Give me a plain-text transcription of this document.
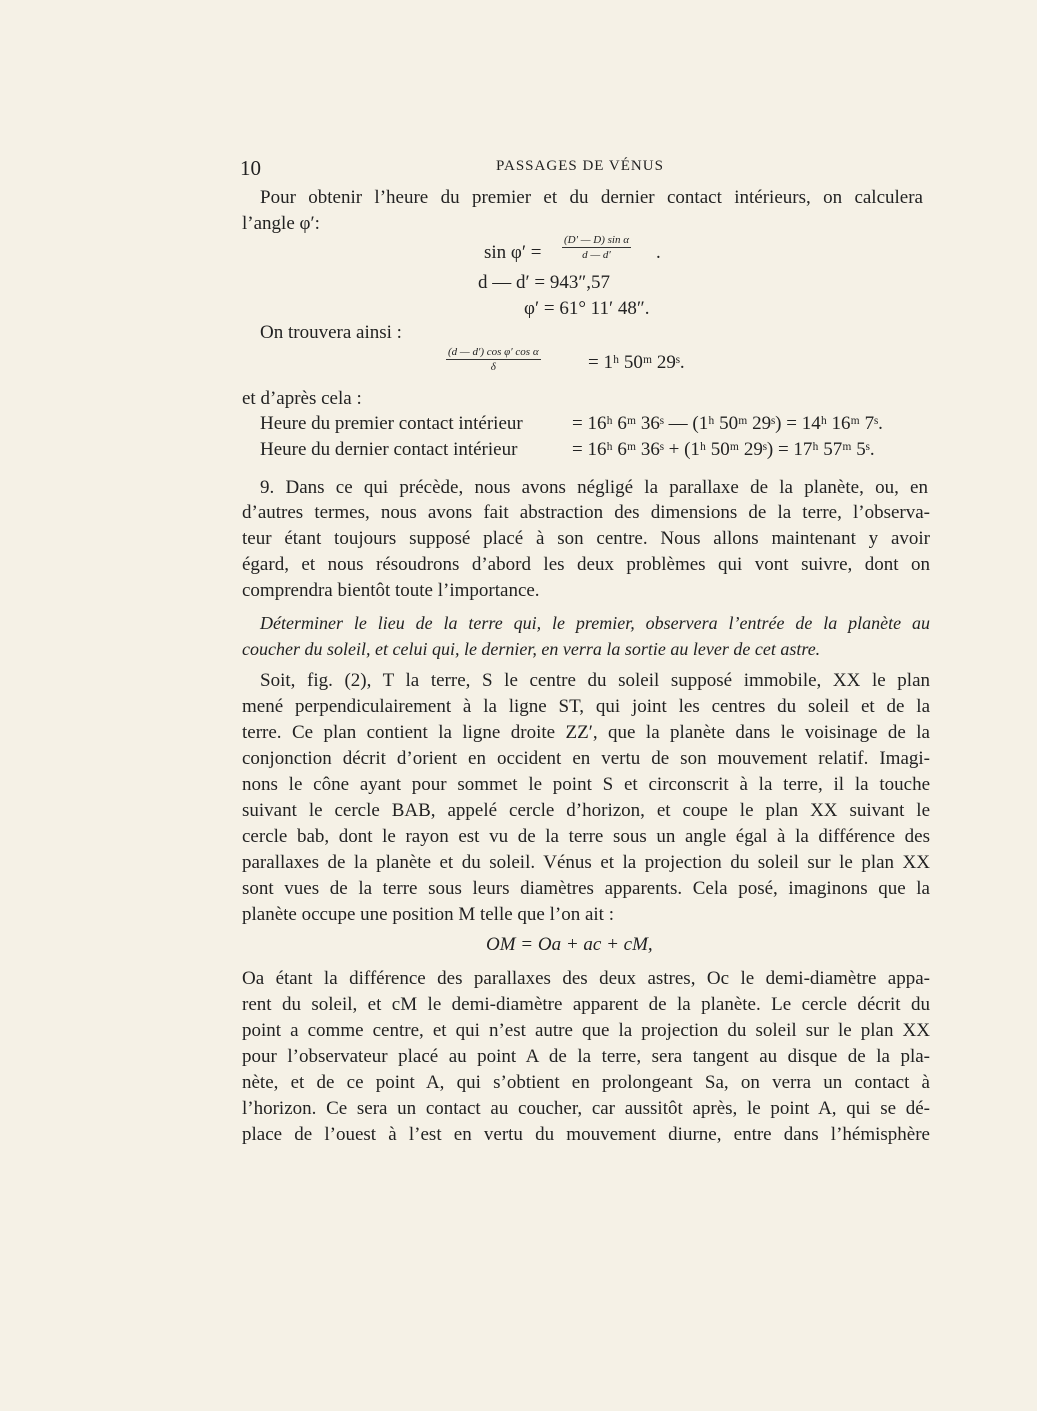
10	PASSAGES DE VÉNUS
Pour obtenir l’heure du premier et du dernier contact intérieurs, on calculera
l’angle φ′:
$\sin \varphi' = \frac{\text{(D′ — D) sin α}}{d — d'}$ .
d — d′ = 943″,57
φ′ = 61° 11′ 48″.
On trouvera ainsi :
$\frac{\text{(d — d′) cos φ′ cos α}}{\delta}$ = 1ʰ 50ᵐ 29ˢ.
et d’après cela :
Heure du premier contact intérieur	= 16ʰ 6ᵐ 36ˢ — (1ʰ 50ᵐ 29ˢ) = 14ʰ 16ᵐ 7ˢ.
Heure du dernier contact intérieur	= 16ʰ 6ᵐ 36ˢ + (1ʰ 50ᵐ 29ˢ) = 17ʰ 57ᵐ 5ˢ.
9. Dans ce qui précède, nous avons négligé la parallaxe de la planète, ou, en
d’autres termes, nous avons fait abstraction des dimensions de la terre, l’observa-
teur étant toujours supposé placé à son centre. Nous allons maintenant y avoir
égard, et nous résoudrons d’abord les deux problèmes qui vont suivre, dont on
comprendra bientôt toute l’importance.
Déterminer le lieu de la terre qui, le premier, observera l’entrée de la planète au
coucher du soleil, et celui qui, le dernier, en verra la sortie au lever de cet astre.
Soit, fig. (2), T la terre, S le centre du soleil supposé immobile, XX le plan
mené perpendiculairement à la ligne ST, qui joint les centres du soleil et de la
terre. Ce plan contient la ligne droite ZZ′, que la planète dans le voisinage de la
conjonction décrit d’orient en occident en vertu de son mouvement relatif. Imagi-
nons le cône ayant pour sommet le point S et circonscrit à la terre, il la touche
suivant le cercle BAB, appelé cercle d’horizon, et coupe le plan XX suivant le
cercle bab, dont le rayon est vu de la terre sous un angle égal à la différence des
parallaxes de la planète et du soleil. Vénus et la projection du soleil sur le plan XX
sont vues de la terre sous leurs diamètres apparents. Cela posé, imaginons que la
planète occupe une position M telle que l’on ait :
OM = Oa + ac + cM,
Oa étant la différence des parallaxes des deux astres, Oc le demi-diamètre appa-
rent du soleil, et cM le demi-diamètre apparent de la planète. Le cercle décrit du
point a comme centre, et qui n’est autre que la projection du soleil sur le plan XX
pour l’observateur placé au point A de la terre, sera tangent au disque de la pla-
nète, et de ce point A, qui s’obtient en prolongeant Sa, on verra un contact à
l’horizon. Ce sera un contact au coucher, car aussitôt après, le point A, qui se dé-
place de l’ouest à l’est en vertu du mouvement diurne, entre dans l’hémisphère
